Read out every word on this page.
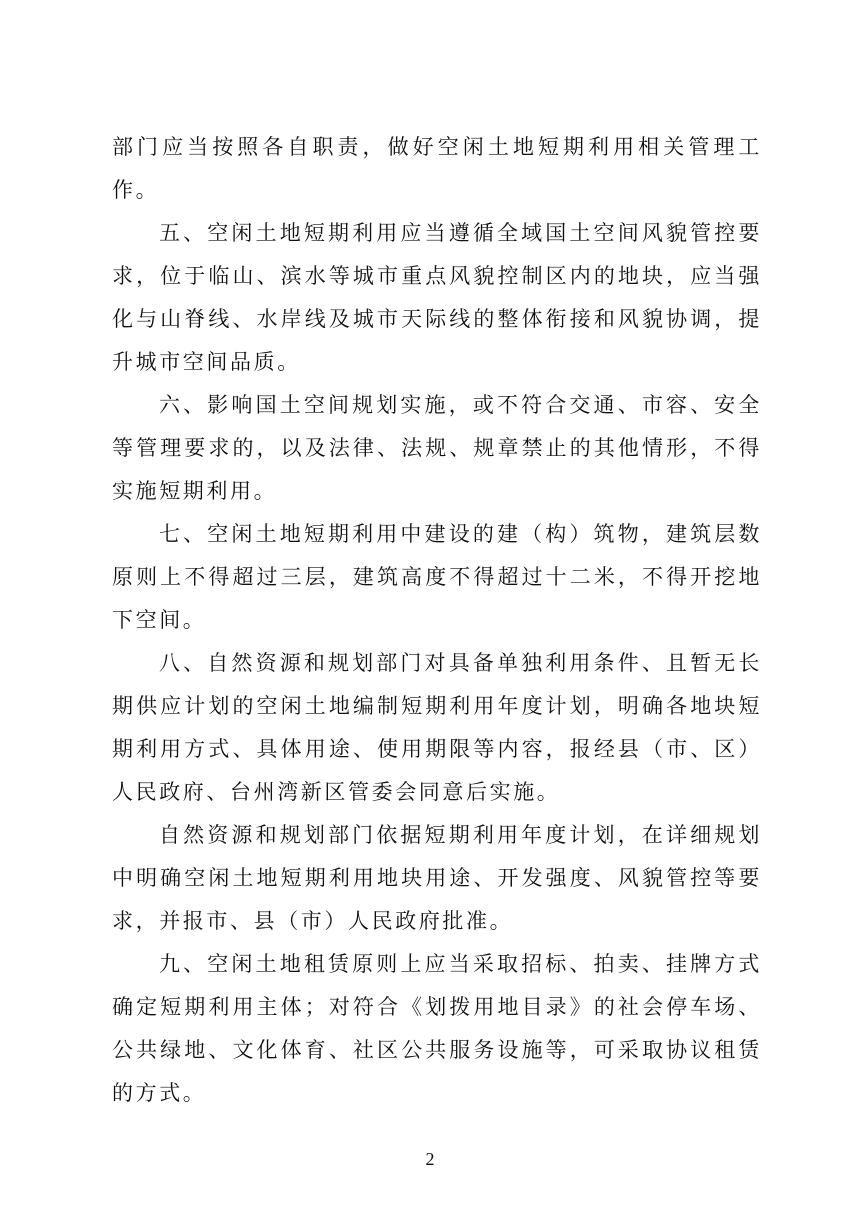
部门应当按照各自职责，做好空闲土地短期利用相关管理工作。

五、空闲土地短期利用应当遵循全域国土空间风貌管控要求，位于临山、滨水等城市重点风貌控制区内的地块，应当强化与山脊线、水岸线及城市天际线的整体衔接和风貌协调，提升城市空间品质。

六、影响国土空间规划实施，或不符合交通、市容、安全等管理要求的，以及法律、法规、规章禁止的其他情形，不得实施短期利用。

七、空闲土地短期利用中建设的建（构）筑物，建筑层数原则上不得超过三层，建筑高度不得超过十二米，不得开挖地下空间。

八、自然资源和规划部门对具备单独利用条件、且暂无长期供应计划的空闲土地编制短期利用年度计划，明确各地块短期利用方式、具体用途、使用期限等内容，报经县（市、区）人民政府、台州湾新区管委会同意后实施。

自然资源和规划部门依据短期利用年度计划，在详细规划中明确空闲土地短期利用地块用途、开发强度、风貌管控等要求，并报市、县（市）人民政府批准。

九、空闲土地租赁原则上应当采取招标、拍卖、挂牌方式确定短期利用主体；对符合《划拨用地目录》的社会停车场、公共绿地、文化体育、社区公共服务设施等，可采取协议租赁的方式。

2
